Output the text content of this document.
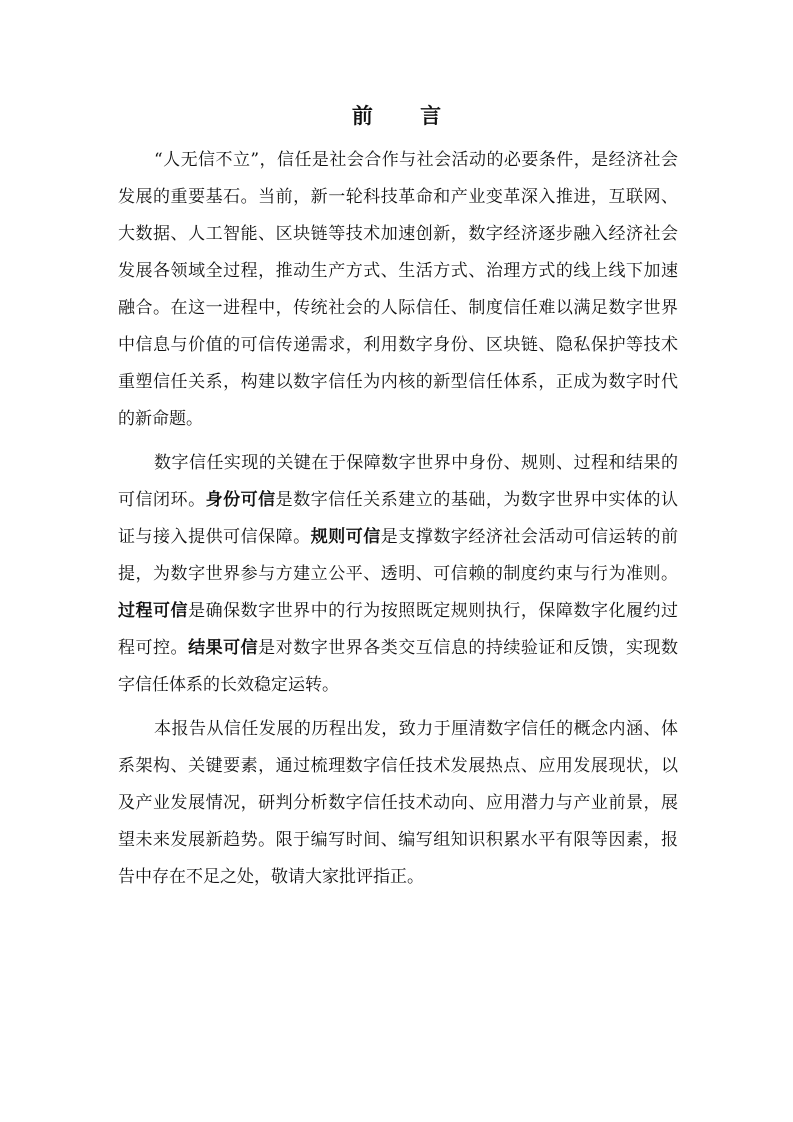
前 言

“人无信不立”，信任是社会合作与社会活动的必要条件，是经济社会发展的重要基石。当前，新一轮科技革命和产业变革深入推进，互联网、大数据、人工智能、区块链等技术加速创新，数字经济逐步融入经济社会发展各领域全过程，推动生产方式、生活方式、治理方式的线上线下加速融合。在这一进程中，传统社会的人际信任、制度信任难以满足数字世界中信息与价值的可信传递需求，利用数字身份、区块链、隐私保护等技术重塑信任关系，构建以数字信任为内核的新型信任体系，正成为数字时代的新命题。

数字信任实现的关键在于保障数字世界中身份、规则、过程和结果的可信闭环。身份可信是数字信任关系建立的基础，为数字世界中实体的认证与接入提供可信保障。规则可信是支撑数字经济社会活动可信运转的前提，为数字世界参与方建立公平、透明、可信赖的制度约束与行为准则。过程可信是确保数字世界中的行为按照既定规则执行，保障数字化履约过程可控。结果可信是对数字世界各类交互信息的持续验证和反馈，实现数字信任体系的长效稳定运转。

本报告从信任发展的历程出发，致力于厘清数字信任的概念内涵、体系架构、关键要素，通过梳理数字信任技术发展热点、应用发展现状，以及产业发展情况，研判分析数字信任技术动向、应用潜力与产业前景，展望未来发展新趋势。限于编写时间、编写组知识积累水平有限等因素，报告中存在不足之处，敬请大家批评指正。
